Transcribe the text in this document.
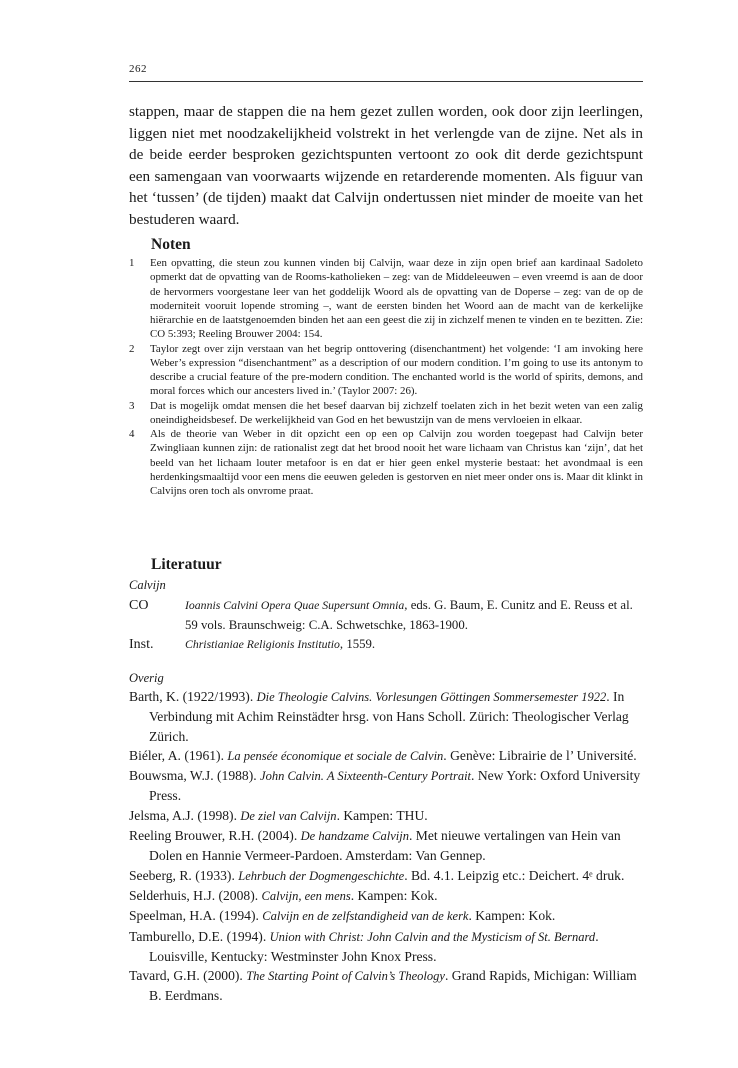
262

stappen, maar de stappen die na hem gezet zullen worden, ook door zijn leerlingen, liggen niet met noodzakelijkheid volstrekt in het verlengde van de zijne. Net als in de beide eerder besproken gezichtspunten vertoont zo ook dit derde gezichtspunt een samengaan van voorwaarts wijzende en retarderende momenten. Als figuur van het ‘tussen’ (de tijden) maakt dat Calvijn ondertussen niet minder de moeite van het bestuderen waard.

Noten
1 Een opvatting, die steun zou kunnen vinden bij Calvijn, waar deze in zijn open brief aan kardinaal Sadoleto opmerkt dat de opvatting van de Rooms-katholieken – zeg: van de Middeleeuwen – even vreemd is aan de door de hervormers voorgestane leer van het goddelijk Woord als de opvatting van de Doperse – zeg: van de op de moderniteit vooruit lopende stroming –, want de eersten binden het Woord aan de macht van de kerkelijke hiërarchie en de laatstgenoemden binden het aan een geest die zij in zichzelf menen te vinden en te bezitten. Zie: CO 5:393; Reeling Brouwer 2004: 154.
2 Taylor zegt over zijn verstaan van het begrip onttovering (disenchantment) het volgende: ‘I am invoking here Weber’s expression “disenchantment” as a description of our modern condition. I’m going to use its antonym to describe a crucial feature of the pre-modern condition. The enchanted world is the world of spirits, demons, and moral forces which our ancesters lived in.’ (Taylor 2007: 26).
3 Dat is mogelijk omdat mensen die het besef daarvan bij zichzelf toelaten zich in het bezit weten van een zalig oneindigheidsbesef. De werkelijkheid van God en het bewustzijn van de mens vervloeien in elkaar.
4 Als de theorie van Weber in dit opzicht een op een op Calvijn zou worden toegepast had Calvijn beter Zwingliaan kunnen zijn: de rationalist zegt dat het brood nooit het ware lichaam van Christus kan ‘zijn’, dat het beeld van het lichaam louter metafoor is en dat er hier geen enkel mysterie bestaat: het avondmaal is een herdenkingsmaaltijd voor een mens die eeuwen geleden is gestorven en niet meer onder ons is. Maar dit klinkt in Calvijns oren toch als onvrome praat.
Literatuur

Calvijn

CO	Ioannis Calvini Opera Quae Supersunt Omnia, eds. G. Baum, E. Cunitz and E. Reuss et al. 59 vols. Braunschweig: C.A. Schwetschke, 1863-1900.
Inst.	Christianiae Religionis Institutio, 1559.

Overig

Barth, K. (1922/1993). Die Theologie Calvins. Vorlesungen Göttingen Sommersemester 1922. In Verbindung mit Achim Reinstädter hrsg. von Hans Scholl. Zürich: Theologischer Verlag Zürich.

Biéler, A. (1961). La pensée économique et sociale de Calvin. Genève: Librairie de l’ Université.

Bouwsma, W.J. (1988). John Calvin. A Sixteenth-Century Portrait. New York: Oxford University Press.

Jelsma, A.J. (1998). De ziel van Calvijn. Kampen: THU.

Reeling Brouwer, R.H. (2004). De handzame Calvijn. Met nieuwe vertalingen van Hein van Dolen en Hannie Vermeer-Pardoen. Amsterdam: Van Gennep.

Seeberg, R. (1933). Lehrbuch der Dogmengeschichte. Bd. 4.1. Leipzig etc.: Deichert. 4ᵉ druk.

Selderhuis, H.J. (2008). Calvijn, een mens. Kampen: Kok.

Speelman, H.A. (1994). Calvijn en de zelfstandigheid van de kerk. Kampen: Kok.

Tamburello, D.E. (1994). Union with Christ: John Calvin and the Mysticism of St. Bernard. Louisville, Kentucky: Westminster John Knox Press.

Tavard, G.H. (2000). The Starting Point of Calvin’s Theology. Grand Rapids, Michigan: William B. Eerdmans.
